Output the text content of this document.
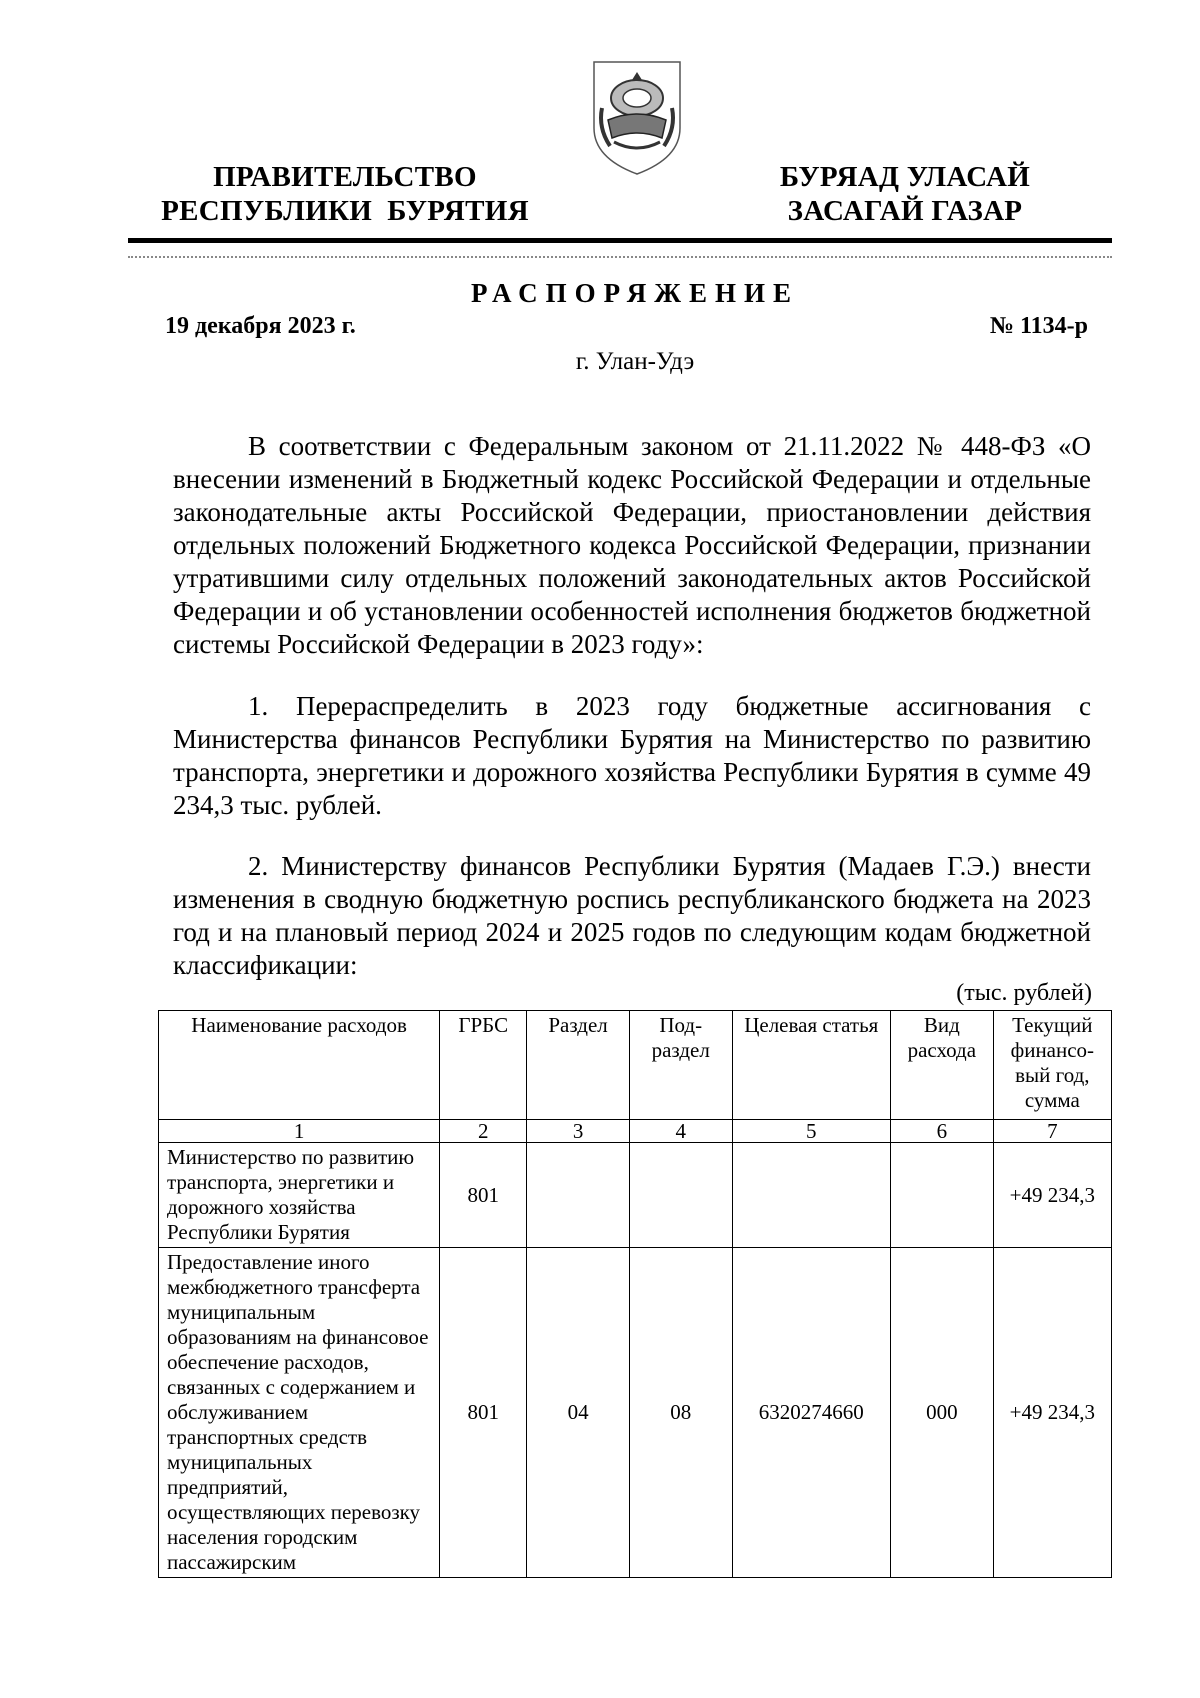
ПРАВИТЕЛЬСТВО
РЕСПУБЛИКИ  БУРЯТИЯ
БУРЯАД УЛАСАЙ
ЗАСАГАЙ ГАЗАР
РАСПОРЯЖЕНИЕ
19 декабря 2023 г.	№ 1134-р
г. Улан-Удэ

В соответствии с Федеральным законом от 21.11.2022 № 448-ФЗ «О внесении изменений в Бюджетный кодекс Российской Федерации и отдельные законодательные акты Российской Федерации, приостановлении действия отдельных положений Бюджетного кодекса Российской Федерации, признании утратившими силу отдельных положений законодательных актов Российской Федерации и об установлении особенностей исполнения бюджетов бюджетной системы Российской Федерации в 2023 году»:

1. Перераспределить в 2023 году бюджетные ассигнования с Министерства финансов Республики Бурятия на Министерство по развитию транспорта, энергетики и дорожного хозяйства Республики Бурятия в сумме 49 234,3 тыс. рублей.

2. Министерству финансов Республики Бурятия (Мадаев Г.Э.) внести изменения в сводную бюджетную роспись республиканского бюджета на 2023 год и на плановый период 2024 и 2025 годов по следующим кодам бюджетной классификации:

(тыс. рублей)
Наименование расходов	ГРБС	Раздел	Под-раздел	Целевая статья	Вид расхода	Текущий финансо-вый год, сумма
1	2	3	4	5	6	7
Министерство по развитию транспорта, энергетики и дорожного хозяйства Республики Бурятия	801					+49 234,3
Предоставление иного межбюджетного трансферта муниципальным образованиям на финансовое обеспечение расходов, связанных с содержанием и обслуживанием транспортных средств муниципальных предприятий, осуществляющих перевозку населения городским пассажирским	801	04	08	6320274660	000	+49 234,3
